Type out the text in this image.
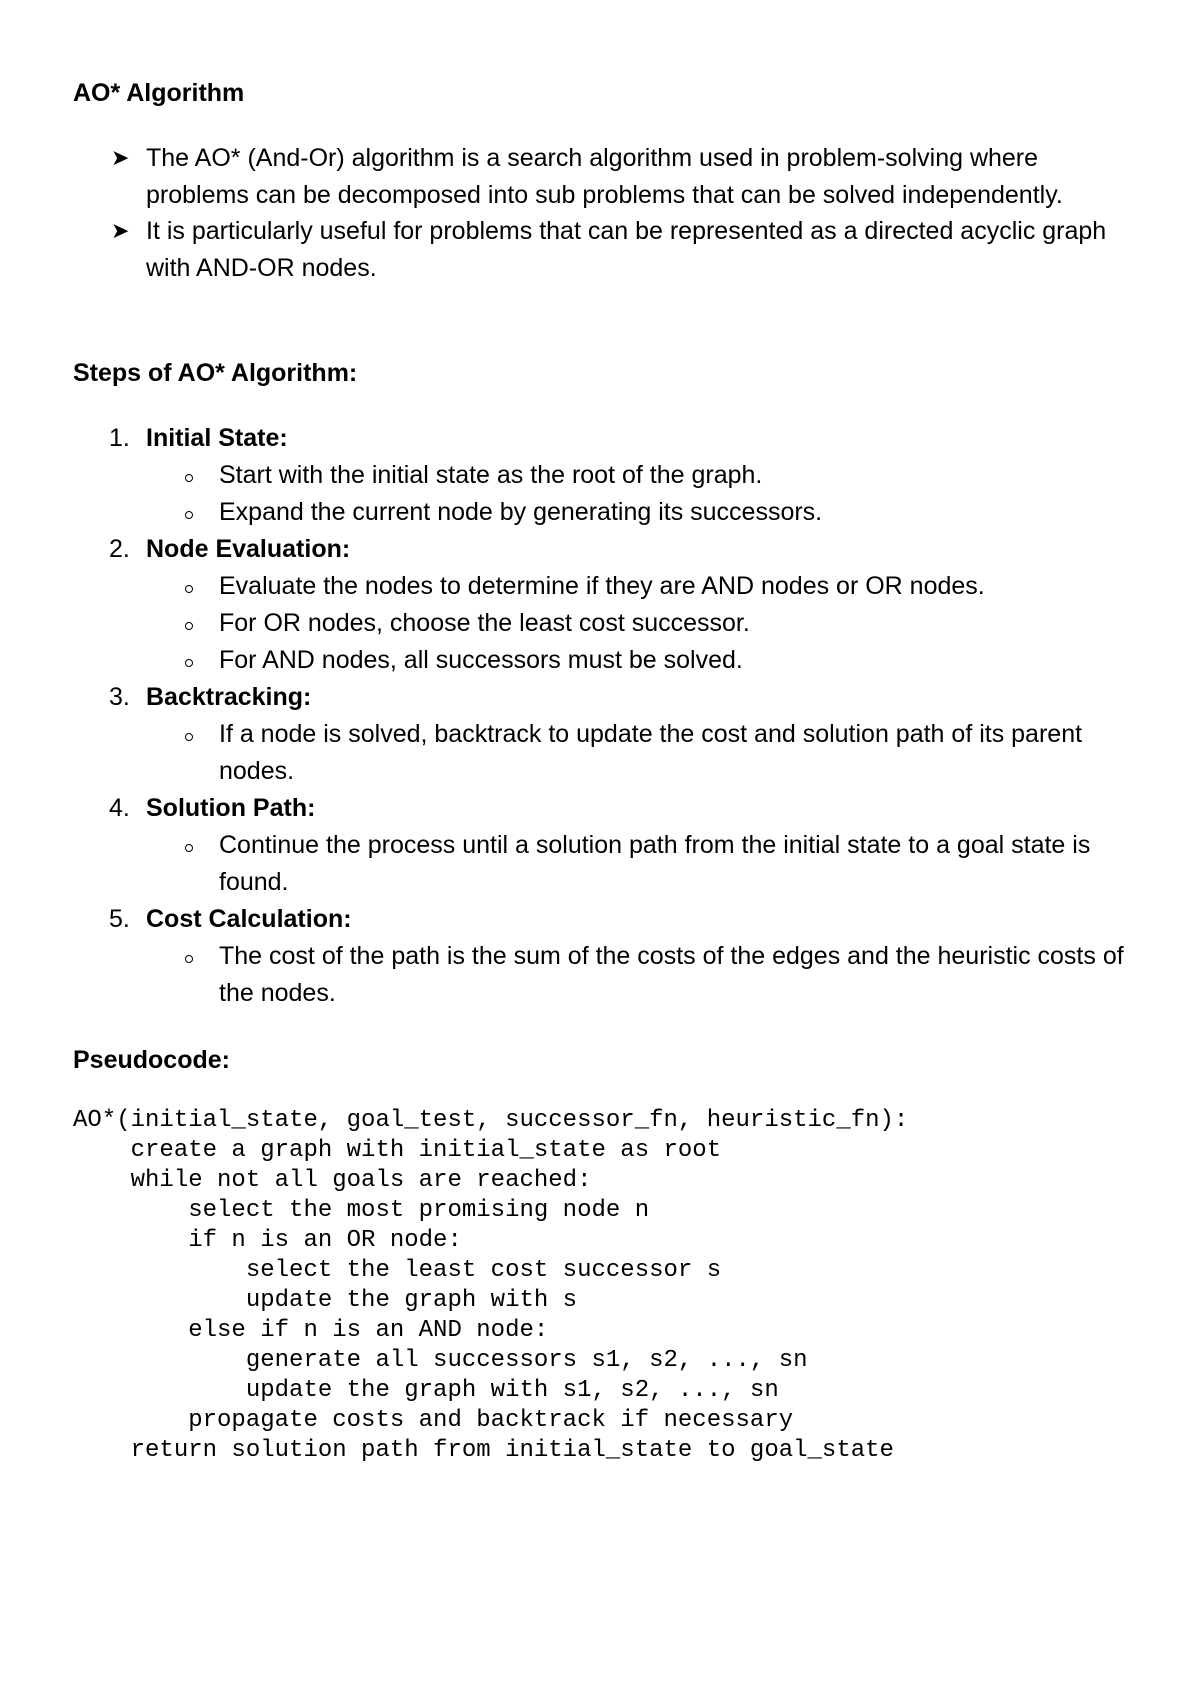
AO* Algorithm
➤ The AO* (And-Or) algorithm is a search algorithm used in problem-solving where problems can be decomposed into sub problems that can be solved independently.
➤ It is particularly useful for problems that can be represented as a directed acyclic graph with AND-OR nodes.
Steps of AO* Algorithm:
1. Initial State:
Start with the initial state as the root of the graph.
Expand the current node by generating its successors.
2. Node Evaluation:
Evaluate the nodes to determine if they are AND nodes or OR nodes.
For OR nodes, choose the least cost successor.
For AND nodes, all successors must be solved.
3. Backtracking:
If a node is solved, backtrack to update the cost and solution path of its parent nodes.
4. Solution Path:
Continue the process until a solution path from the initial state to a goal state is found.
5. Cost Calculation:
The cost of the path is the sum of the costs of the edges and the heuristic costs of the nodes.
Pseudocode:
AO*(initial_state, goal_test, successor_fn, heuristic_fn):
create a graph with initial_state as root
while not all goals are reached:
select the most promising node n
if n is an OR node:
select the least cost successor s
update the graph with s
else if n is an AND node:
generate all successors s1, s2, ..., sn
update the graph with s1, s2, ..., sn
propagate costs and backtrack if necessary
return solution path from initial_state to goal_state
